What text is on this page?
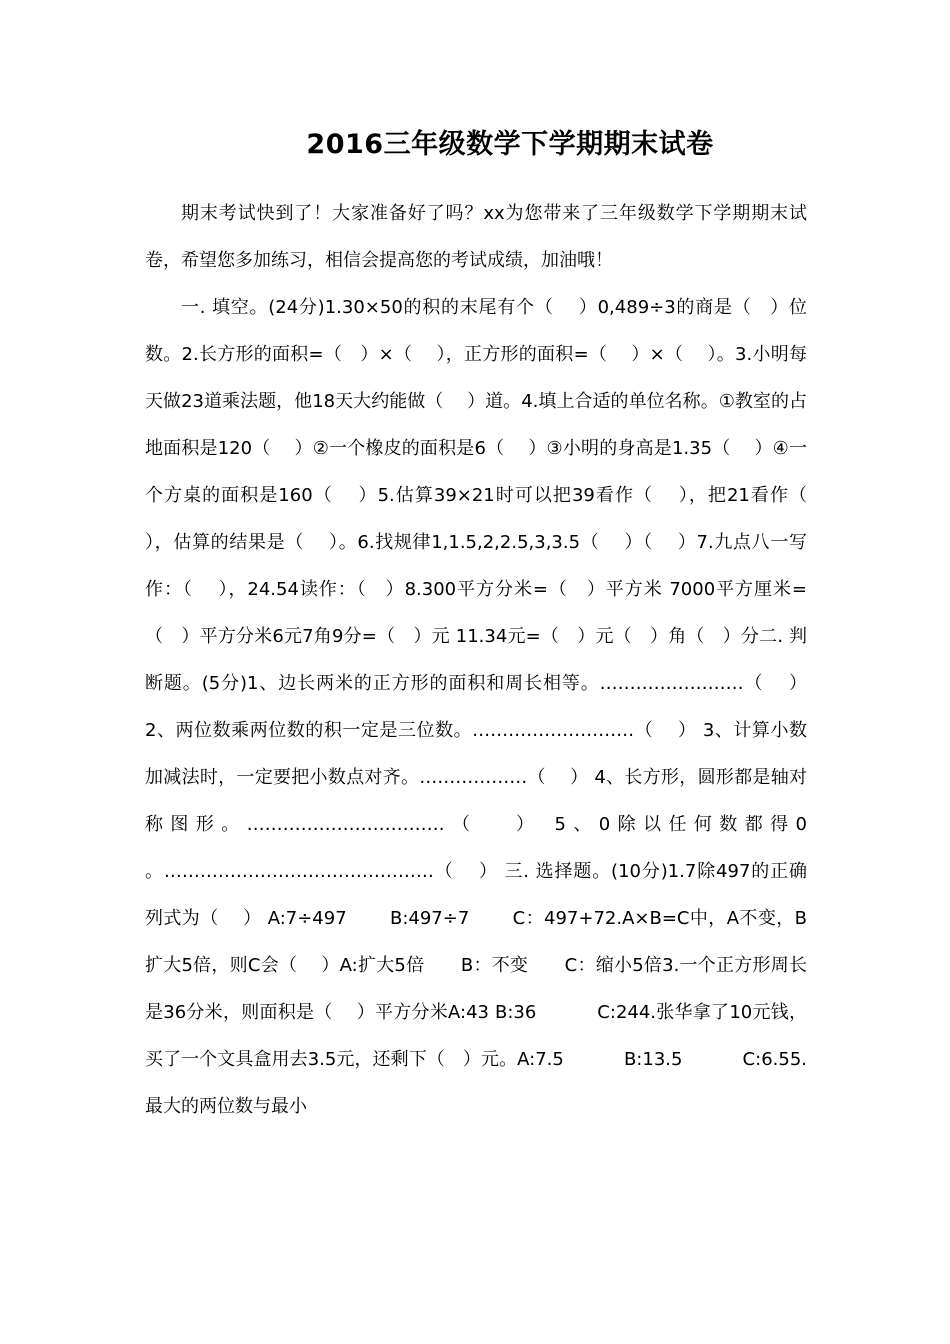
2016三年级数学下学期期末试卷

期末考试快到了！大家准备好了吗？xx为您带来了三年级数学下学期期末试卷，希望您多加练习，相信会提高您的考试成绩，加油哦！

一. 填空。(24分)1.30×50的积的末尾有个（　 ）0,489÷3的商是（　）位数。2.长方形的面积=（　）×（　 ），正方形的面积=（　 ）×（　 ）。3.小明每天做23道乘法题，他18天大约能做（　 ）道。4.填上合适的单位名称。①教室的占地面积是120（　 ）②一个橡皮的面积是6（　 ）③小明的身高是1.35（　 ）④一个方桌的面积是160（　 ）5.估算39×21时可以把39看作（　 ），把21看作（　 ），估算的结果是（　 ）。6.找规律1,1.5,2,2.5,3,3.5（　 ）（　 ）7.九点八一写作：（　 ），24.54读作：（　）8.300平方分米=（　）平方米 7000平方厘米=（　）平方分米6元7角9分=（　）元 11.34元=（　）元（　）角（　）分二. 判断题。(5分)1、边长两米的正方形的面积和周长相等。……………………（　 ） 2、两位数乘两位数的积一定是三位数。………………………（　 ） 3、计算小数加减法时，一定要把小数点对齐。………………（　 ） 4、长方形，圆形都是轴对称图形。……………………………（　 ） 5、0除以任何数都得0 。………………………………………（　 ） 三. 选择题。(10分)1.7除497的正确列式为（　 ） A:7÷497　　 B:497÷7　　 C：497+72.A×B=C中，A不变，B扩大5倍，则C会（　 ）A:扩大5倍　　B：不变　　C：缩小5倍3.一个正方形周长是36分米，则面积是（　 ）平方分米A:43 B:36　　　 C:244.张华拿了10元钱，买了一个文具盒用去3.5元，还剩下（　）元。A:7.5　　　 B:13.5　　　 C:6.55.最大的两位数与最小
